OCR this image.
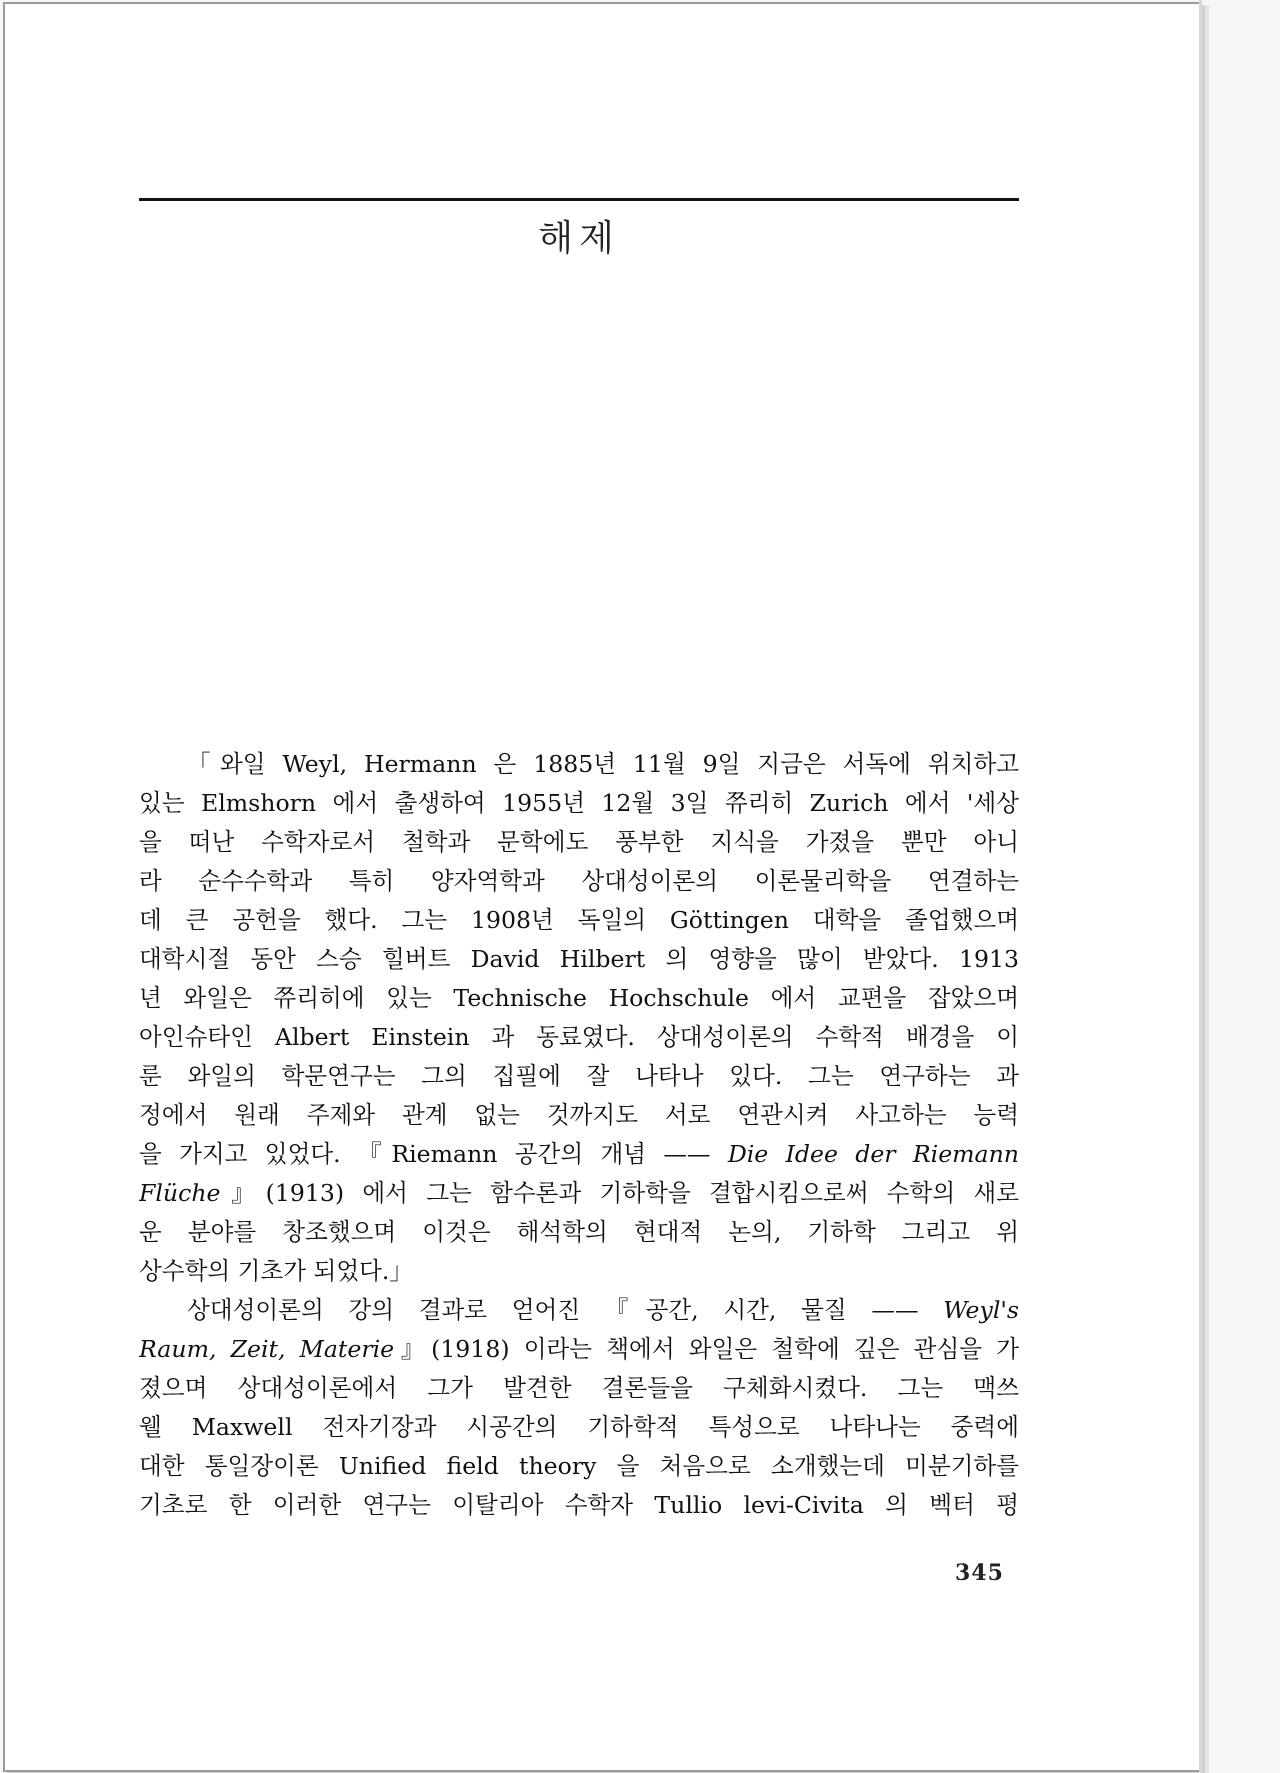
해제
「와일 Weyl, Hermann 은 1885년 11월 9일 지금은 서독에 위치하고
있는 Elmshorn 에서 출생하여 1955년 12월 3일 쮸리히 Zurich 에서 '세상
을 떠난 수학자로서 철학과 문학에도 풍부한 지식을 가졌을 뿐만 아니
라 순수수학과 특히 양자역학과 상대성이론의 이론물리학을 연결하는
데 큰 공헌을 했다. 그는 1908년 독일의 Göttingen 대학을 졸업했으며
대학시절 동안 스승 힐버트 David Hilbert 의 영향을 많이 받았다. 1913
년 와일은 쮸리히에 있는 Technische Hochschule 에서 교편을 잡았으며
아인슈타인 Albert Einstein 과 동료였다. 상대성이론의 수학적 배경을 이
룬 와일의 학문연구는 그의 집필에 잘 나타나 있다. 그는 연구하는 과
정에서 원래 주제와 관계 없는 것까지도 서로 연관시켜 사고하는 능력
을 가지고 있었다. 『Riemann 공간의 개념 —— Die Idee der Riemann
Flüche』(1913) 에서 그는 함수론과 기하학을 결합시킴으로써 수학의 새로
운 분야를 창조했으며 이것은 해석학의 현대적 논의, 기하학 그리고 위
상수학의 기초가 되었다.」
상대성이론의 강의 결과로 얻어진 『공간, 시간, 물질 —— Weyl's
Raum, Zeit, Materie』(1918) 이라는 책에서 와일은 철학에 깊은 관심을 가
졌으며 상대성이론에서 그가 발견한 결론들을 구체화시켰다. 그는 맥쓰
웰 Maxwell 전자기장과 시공간의 기하학적 특성으로 나타나는 중력에
대한 통일장이론 Unified field theory 을 처음으로 소개했는데 미분기하를
기초로 한 이러한 연구는 이탈리아 수학자 Tullio levi-Civita 의 벡터 평
345
